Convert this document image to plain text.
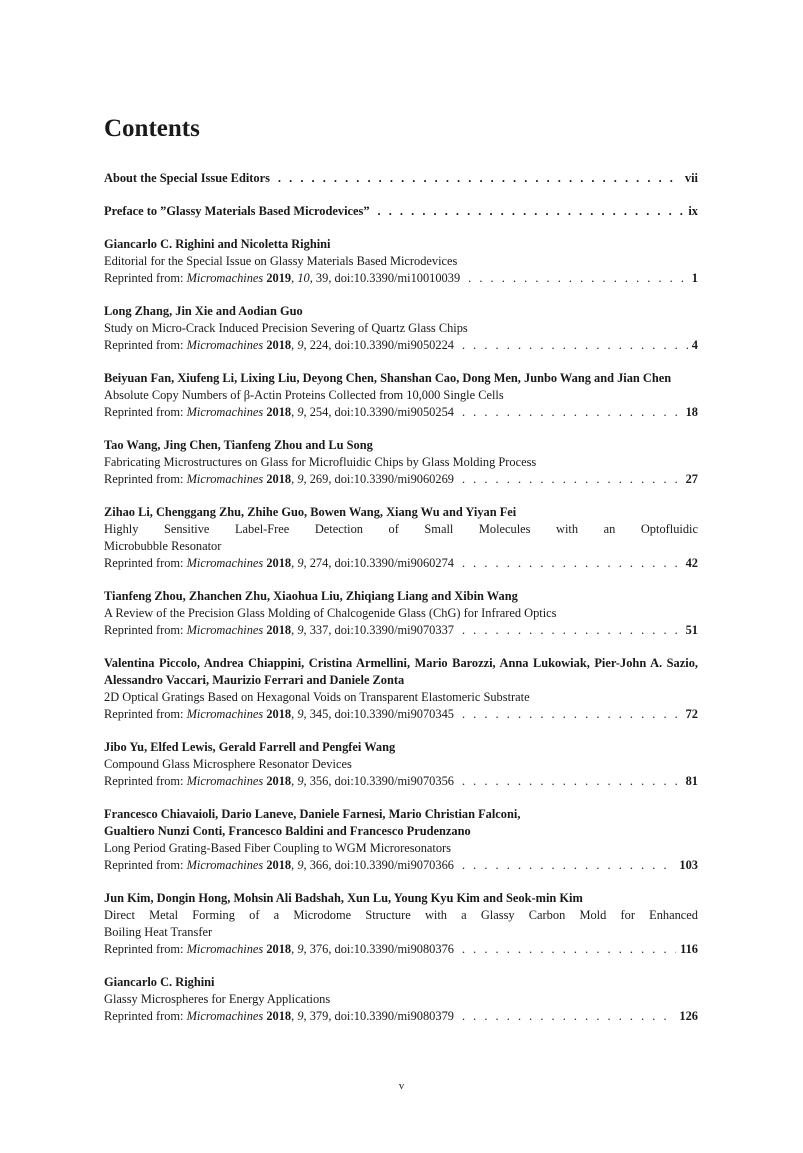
Contents
About the Special Issue Editors . . .	vii
Preface to ”Glassy Materials Based Microdevices” . . .	ix
Giancarlo C. Righini and Nicoletta Righini
Editorial for the Special Issue on Glassy Materials Based Microdevices
Reprinted from: Micromachines 2019, 10, 39, doi:10.3390/mi10010039 . . .	1
Long Zhang, Jin Xie and Aodian Guo
Study on Micro-Crack Induced Precision Severing of Quartz Glass Chips
Reprinted from: Micromachines 2018, 9, 224, doi:10.3390/mi9050224 . . .	4
Beiyuan Fan, Xiufeng Li, Lixing Liu, Deyong Chen, Shanshan Cao, Dong Men, Junbo Wang and Jian Chen
Absolute Copy Numbers of β-Actin Proteins Collected from 10,000 Single Cells
Reprinted from: Micromachines 2018, 9, 254, doi:10.3390/mi9050254 . . .	18
Tao Wang, Jing Chen, Tianfeng Zhou and Lu Song
Fabricating Microstructures on Glass for Microfluidic Chips by Glass Molding Process
Reprinted from: Micromachines 2018, 9, 269, doi:10.3390/mi9060269 . . .	27
Zihao Li, Chenggang Zhu, Zhihe Guo, Bowen Wang, Xiang Wu and Yiyan Fei
Highly Sensitive Label-Free Detection of Small Molecules with an Optofluidic
Microbubble Resonator
Reprinted from: Micromachines 2018, 9, 274, doi:10.3390/mi9060274 . . .	42
Tianfeng Zhou, Zhanchen Zhu, Xiaohua Liu, Zhiqiang Liang and Xibin Wang
A Review of the Precision Glass Molding of Chalcogenide Glass (ChG) for Infrared Optics
Reprinted from: Micromachines 2018, 9, 337, doi:10.3390/mi9070337 . . .	51
Valentina Piccolo, Andrea Chiappini, Cristina Armellini, Mario Barozzi, Anna Lukowiak, Pier-John A. Sazio, Alessandro Vaccari, Maurizio Ferrari and Daniele Zonta
2D Optical Gratings Based on Hexagonal Voids on Transparent Elastomeric Substrate
Reprinted from: Micromachines 2018, 9, 345, doi:10.3390/mi9070345 . . .	72
Jibo Yu, Elfed Lewis, Gerald Farrell and Pengfei Wang
Compound Glass Microsphere Resonator Devices
Reprinted from: Micromachines 2018, 9, 356, doi:10.3390/mi9070356 . . .	81
Francesco Chiavaioli, Dario Laneve, Daniele Farnesi, Mario Christian Falconi,
Gualtiero Nunzi Conti, Francesco Baldini and Francesco Prudenzano
Long Period Grating-Based Fiber Coupling to WGM Microresonators
Reprinted from: Micromachines 2018, 9, 366, doi:10.3390/mi9070366 . . .	103
Jun Kim, Dongin Hong, Mohsin Ali Badshah, Xun Lu, Young Kyu Kim and Seok-min Kim
Direct Metal Forming of a Microdome Structure with a Glassy Carbon Mold for Enhanced
Boiling Heat Transfer
Reprinted from: Micromachines 2018, 9, 376, doi:10.3390/mi9080376 . . .	116
Giancarlo C. Righini
Glassy Microspheres for Energy Applications
Reprinted from: Micromachines 2018, 9, 379, doi:10.3390/mi9080379 . . .	126
v
